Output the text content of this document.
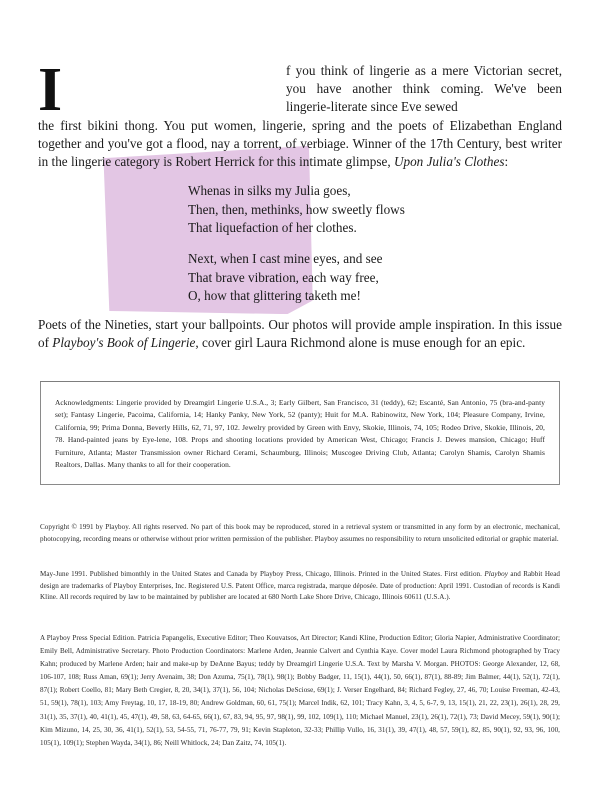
I	f you think of lingerie as a mere Victorian secret, you have another think coming. We've been lingerie-literate since Eve sewed
the first bikini thong. You put women, lingerie, spring and the poets of Elizabethan England together and you've got a flood, nay a torrent, of verbiage. Winner of the 17th Century, best writer in the lingerie category is Robert Herrick for this intimate glimpse, Upon Julia's Clothes:
Whenas in silks my Julia goes,
Then, then, methinks, how sweetly flows
That liquefaction of her clothes.
Next, when I cast mine eyes, and see
That brave vibration, each way free,
O, how that glittering taketh me!
Poets of the Nineties, start your ballpoints. Our photos will provide ample inspiration. In this issue of Playboy's Book of Lingerie, cover girl Laura Richmond alone is muse enough for an epic.

Acknowledgments: Lingerie provided by Dreamgirl Lingerie U.S.A., 3; Early Gilbert, San Francisco, 31 (teddy), 62; Escanté, San Antonio, 75 (bra-and-panty set); Fantasy Lingerie, Pacoima, California, 14; Hanky Panky, New York, 52 (panty); Huit for M.A. Rabinowitz, New York, 104; Pleasure Company, Irvine, California, 99; Prima Donna, Beverly Hills, 62, 71, 97, 102. Jewelry provided by Green with Envy, Skokie, Illinois, 74, 105; Rodeo Drive, Skokie, Illinois, 20, 78. Hand-painted jeans by Eye-lene, 108. Props and shooting locations provided by American West, Chicago; Francis J. Dewes mansion, Chicago; Huff Furniture, Atlanta; Master Transmission owner Richard Cerami, Schaumburg, Illinois; Muscogee Driving Club, Atlanta; Carolyn Shamis, Carolyn Shamis Realtors, Dallas. Many thanks to all for their cooperation.

Copyright © 1991 by Playboy. All rights reserved. No part of this book may be reproduced, stored in a retrieval system or transmitted in any form by an electronic, mechanical, photocopying, recording means or otherwise without prior written permission of the publisher. Playboy assumes no responsibility to return unsolicited editorial or graphic material.

May-June 1991. Published bimonthly in the United States and Canada by Playboy Press, Chicago, Illinois. Printed in the United States. First edition. Playboy and Rabbit Head design are trademarks of Playboy Enterprises, Inc. Registered U.S. Patent Office, marca registrada, marque déposée. Date of production: April 1991. Custodian of records is Kandi Kline. All records required by law to be maintained by publisher are located at 680 North Lake Shore Drive, Chicago, Illinois 60611 (U.S.A.).

A Playboy Press Special Edition. Patricia Papangelis, Executive Editor; Theo Kouvatsos, Art Director; Kandi Kline, Production Editor; Gloria Napier, Administrative Coordinator; Emily Bell, Administrative Secretary. Photo Production Coordinators: Marlene Arden, Jeannie Calvert and Cynthia Kaye. Cover model Laura Richmond photographed by Tracy Kahn; produced by Marlene Arden; hair and make-up by DeAnne Bayus; teddy by Dreamgirl Lingerie U.S.A. Text by Marsha V. Morgan. PHOTOS: George Alexander, 12, 68, 106-107, 108; Russ Aman, 69(1); Jerry Avenaim, 38; Don Azuma, 75(1), 78(1), 98(1); Bobby Badger, 11, 15(1), 44(1), 50, 66(1), 87(1), 88-89; Jim Balmer, 44(1), 52(1), 72(1), 87(1); Robert Coello, 81; Mary Beth Cregier, 8, 20, 34(1), 37(1), 56, 104; Nicholas DeSciose, 69(1); J. Verser Engelhard, 84; Richard Fegley, 27, 46, 70; Louise Freeman, 42-43, 51, 59(1), 78(1), 103; Amy Freytag, 10, 17, 18-19, 80; Andrew Goldman, 60, 61, 75(1); Marcel Indik, 62, 101; Tracy Kahn, 3, 4, 5, 6-7, 9, 13, 15(1), 21, 22, 23(1), 26(1), 28, 29, 31(1), 35, 37(1), 40, 41(1), 45, 47(1), 49, 58, 63, 64-65, 66(1), 67, 83, 94, 95, 97, 98(1), 99, 102, 109(1), 110; Michael Manuel, 23(1), 26(1), 72(1), 73; David Mecey, 59(1), 90(1); Kim Mizuno, 14, 25, 30, 36, 41(1), 52(1), 53, 54-55, 71, 76-77, 79, 91; Kevin Stapleton, 32-33; Phillip Vullo, 16, 31(1), 39, 47(1), 48, 57, 59(1), 82, 85, 90(1), 92, 93, 96, 100, 105(1), 109(1); Stephen Wayda, 34(1), 86; Neill Whitlock, 24; Dan Zaitz, 74, 105(1).
